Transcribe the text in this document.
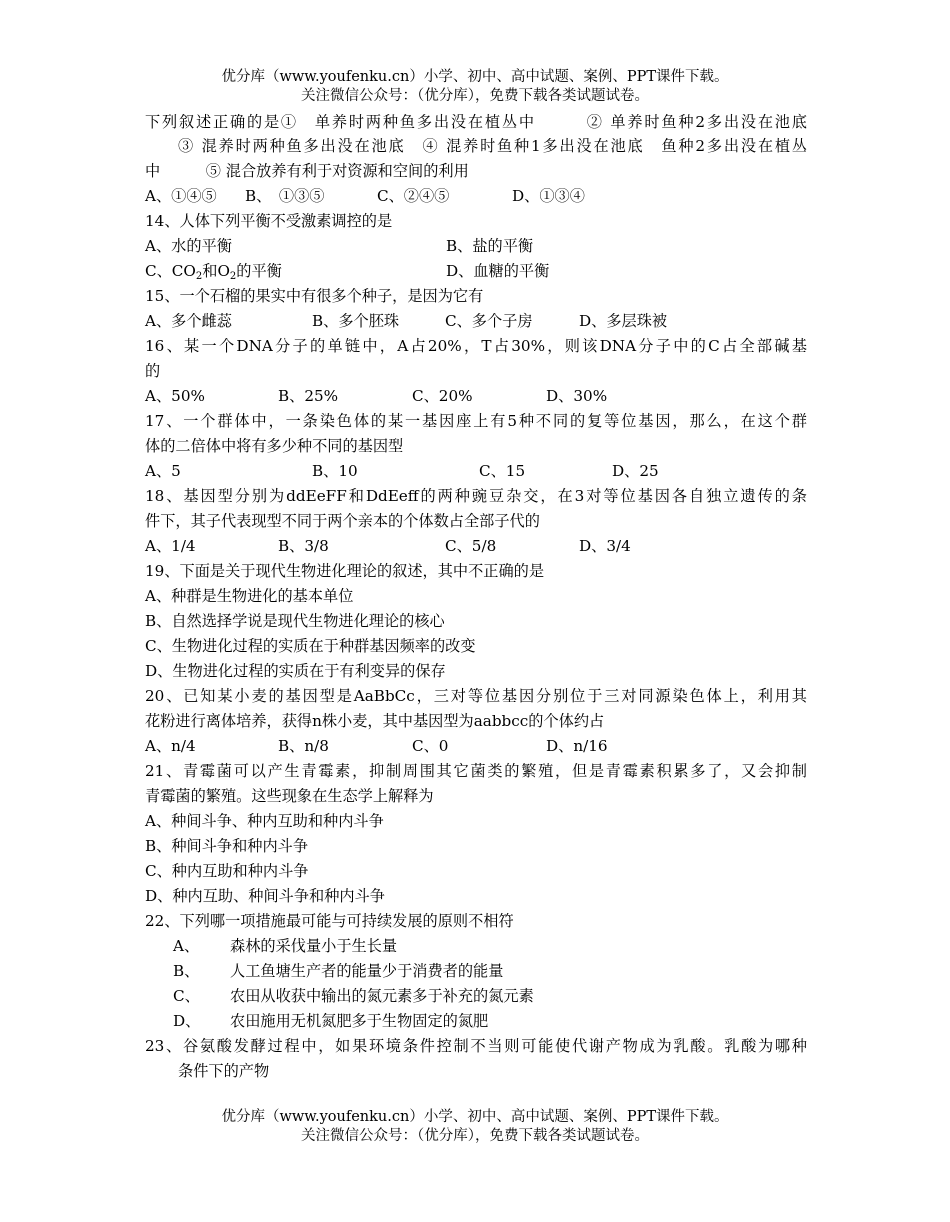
优分库（www.youfenku.cn）小学、初中、高中试题、案例、PPT课件下载。
关注微信公众号：（优分库），免费下载各类试题试卷。
下列叙述正确的是①　单养时两种鱼多出没在植丛中　　　② 单养时鱼种2多出没在池底
③ 混养时两种鱼多出没在池底　④ 混养时鱼种1多出没在池底　鱼种2多出没在植丛
中　　　⑤ 混合放养有利于对资源和空间的利用
A、①④⑤ B、　①③⑤	C、②④⑤	D、①③④
14、人体下列平衡不受激素调控的是
A、水的平衡	B、盐的平衡
C、$CO_2$和$O_2$的平衡	D、血糖的平衡
15、一个石榴的果实中有很多个种子，是因为它有
A、多个雌蕊	B、多个胚珠	C、多个子房	D、多层珠被
16、某一个DNA分子的单链中，A占20%，T占30%，则该DNA分子中的C占全部碱基
的
A、50%	B、25%	C、20%	D、30%
17、一个群体中，一条染色体的某一基因座上有5种不同的复等位基因，那么，在这个群
体的二倍体中将有多少种不同的基因型
A、5	B、10	C、15	D、25
18、基因型分别为ddEeFF和DdEeff的两种豌豆杂交，在3对等位基因各自独立遗传的条
件下，其子代表现型不同于两个亲本的个体数占全部子代的
A、1/4	B、3/8	C、5/8	D、3/4
19、下面是关于现代生物进化理论的叙述，其中不正确的是
A、种群是生物进化的基本单位
B、自然选择学说是现代生物进化理论的核心
C、生物进化过程的实质在于种群基因频率的改变
D、生物进化过程的实质在于有利变异的保存
20、已知某小麦的基因型是AaBbCc，三对等位基因分别位于三对同源染色体上，利用其
花粉进行离体培养，获得n株小麦，其中基因型为aabbcc的个体约占
A、n/4	B、n/8	C、0	D、n/16
21、青霉菌可以产生青霉素，抑制周围其它菌类的繁殖，但是青霉素积累多了，又会抑制
青霉菌的繁殖。这些现象在生态学上解释为
A、种间斗争、种内互助和种内斗争
B、种间斗争和种内斗争
C、种内互助和种内斗争
D、种内互助、种间斗争和种内斗争
22、下列哪一项措施最可能与可持续发展的原则不相符
A、 森林的采伐量小于生长量
B、 人工鱼塘生产者的能量少于消费者的能量
C、 农田从收获中输出的氮元素多于补充的氮元素
D、 农田施用无机氮肥多于生物固定的氮肥
23、谷氨酸发酵过程中，如果环境条件控制不当则可能使代谢产物成为乳酸。乳酸为哪种
条件下的产物
优分库（www.youfenku.cn）小学、初中、高中试题、案例、PPT课件下载。
关注微信公众号：（优分库），免费下载各类试题试卷。
